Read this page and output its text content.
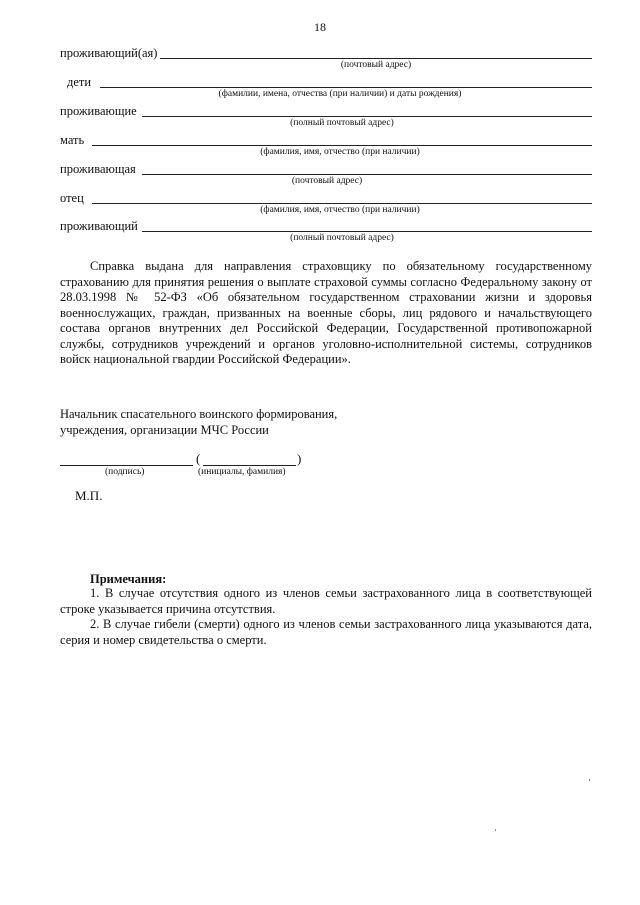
18
проживающий(ая)
(почтовый адрес)
дети
(фамилии, имена, отчества (при наличии) и даты рождения)
проживающие
(полный почтовый адрес)
мать
(фамилия, имя, отчество (при наличии)
проживающая
(почтовый адрес)
отец
(фамилия, имя, отчество (при наличии)
проживающий
(полный почтовый адрес)
Справка выдана для направления страховщику по обязательному государственному страхованию для принятия решения о выплате страховой суммы согласно Федеральному закону от 28.03.1998 № 52-ФЗ «Об обязательном государственном страховании жизни и здоровья военнослужащих, граждан, призванных на военные сборы, лиц рядового и начальствующего состава органов внутренних дел Российской Федерации, Государственной противопожарной службы, сотрудников учреждений и органов уголовно-исполнительной системы, сотрудников войск национальной гвардии Российской Федерации».
Начальник спасательного воинского формирования,
учреждения, организации МЧС России
(	)
(подпись)	(инициалы, фамилия)
М.П.
Примечания:
1. В случае отсутствия одного из членов семьи застрахованного лица в соответствующей строке указывается причина отсутствия.
2. В случае гибели (смерти) одного из членов семьи застрахованного лица указываются дата, серия и номер свидетельства о смерти.
